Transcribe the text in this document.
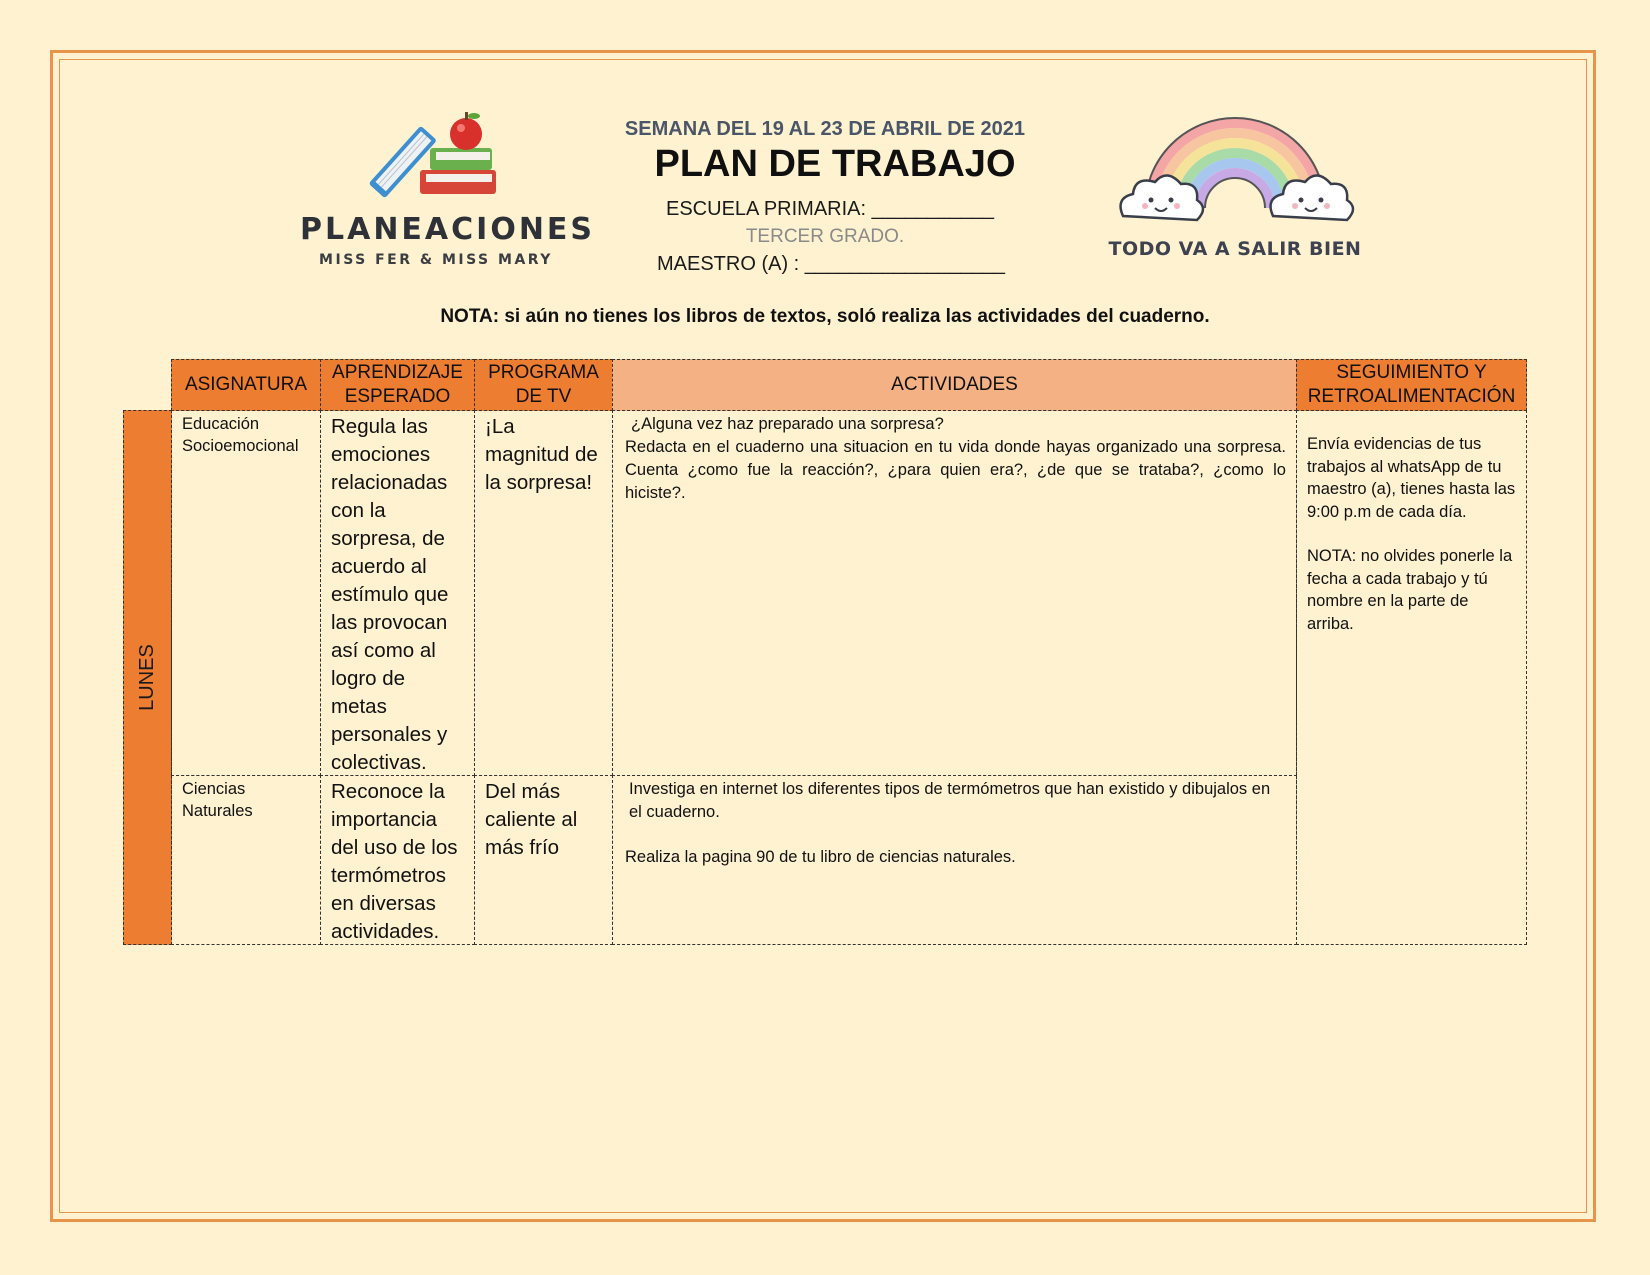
PLANEACIONES
MISS FER & MISS MARY
SEMANA DEL 19 AL 23 DE ABRIL DE 2021
PLAN DE TRABAJO
ESCUELA PRIMARIA: ___________
TERCER GRADO.
MAESTRO (A) : __________________
TODO VA A SALIR BIEN
NOTA: si aún no tienes los libros de textos, soló realiza las actividades del cuaderno.
ASIGNATURA
APRENDIZAJE ESPERADO
PROGRAMA DE TV
ACTIVIDADES
SEGUIMIENTO Y RETROALIMENTACIÓN
LUNES
Educación Socioemocional
Regula las emociones relacionadas con la sorpresa, de acuerdo al estímulo que las provocan así como al logro de metas personales y colectivas.
¡La magnitud de la sorpresa!

¿Alguna vez haz preparado una sorpresa?

Redacta en el cuaderno una situacion en tu vida donde hayas organizado una sorpresa. Cuenta ¿como fue la reacción?, ¿para quien era?, ¿de que se trataba?, ¿como lo hiciste?.

Ciencias Naturales
Reconoce la importancia del uso de los termómetros en diversas actividades.
Del más caliente al más frío

Investiga en internet los diferentes tipos de termómetros que han existido y dibujalos en el cuaderno.

Realiza la pagina 90 de tu libro de ciencias naturales.

Envía evidencias de tus trabajos al whatsApp de tu maestro (a), tienes hasta las 9:00 p.m de cada día.

NOTA: no olvides ponerle la fecha a cada trabajo y tú nombre en la parte de arriba.
